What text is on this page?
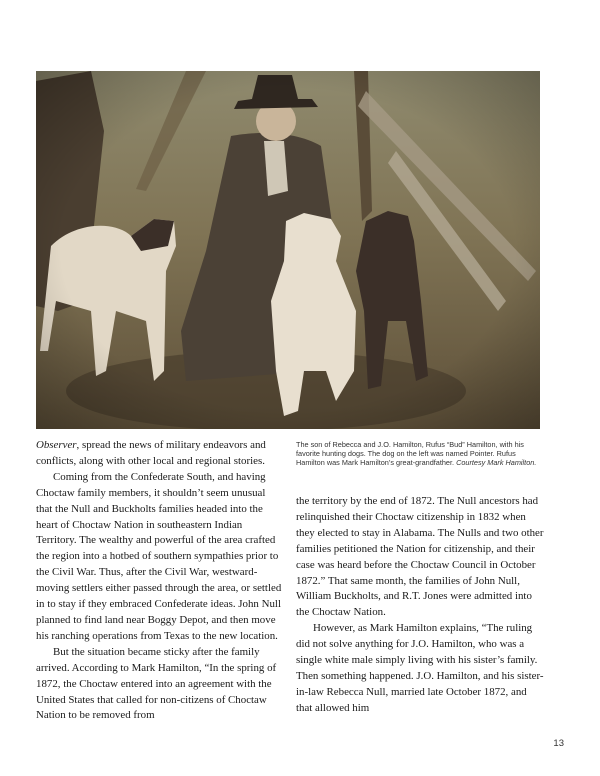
The son of Rebecca and J.O. Hamilton, Rufus “Bud” Hamilton, with his favorite hunting dogs. The dog on the left was named Pointer. Rufus Hamilton was Mark Hamilton’s great-grandfather. Courtesy Mark Hamilton.

Observer, spread the news of military endeavors and conflicts, along with other local and regional stories.

Coming from the Confederate South, and having Choctaw family members, it shouldn’t seem unusual that the Null and Buckholts families headed into the heart of Choctaw Nation in southeastern Indian Territory. The wealthy and powerful of the area crafted the region into a hotbed of southern sympathies prior to the Civil War. Thus, after the Civil War, westward-moving settlers either passed through the area, or settled in to stay if they embraced Confederate ideas. John Null planned to find land near Boggy Depot, and then move his ranching operations from Texas to the new location.

But the situation became sticky after the family arrived. According to Mark Hamilton, “In the spring of 1872, the Choctaw entered into an agreement with the United States that called for non-citizens of Choctaw Nation to be removed from

the territory by the end of 1872. The Null ancestors had relinquished their Choctaw citizenship in 1832 when they elected to stay in Alabama. The Nulls and two other families petitioned the Nation for citizenship, and their case was heard before the Choctaw Council in October 1872.” That same month, the families of John Null, William Buckholts, and R.T. Jones were admitted into the Choctaw Nation.

However, as Mark Hamilton explains, “The ruling did not solve anything for J.O. Hamilton, who was a single white male simply living with his sister’s family. Then something happened. J.O. Hamilton, and his sister-in-law Rebecca Null, married late October 1872, and that allowed him

13
